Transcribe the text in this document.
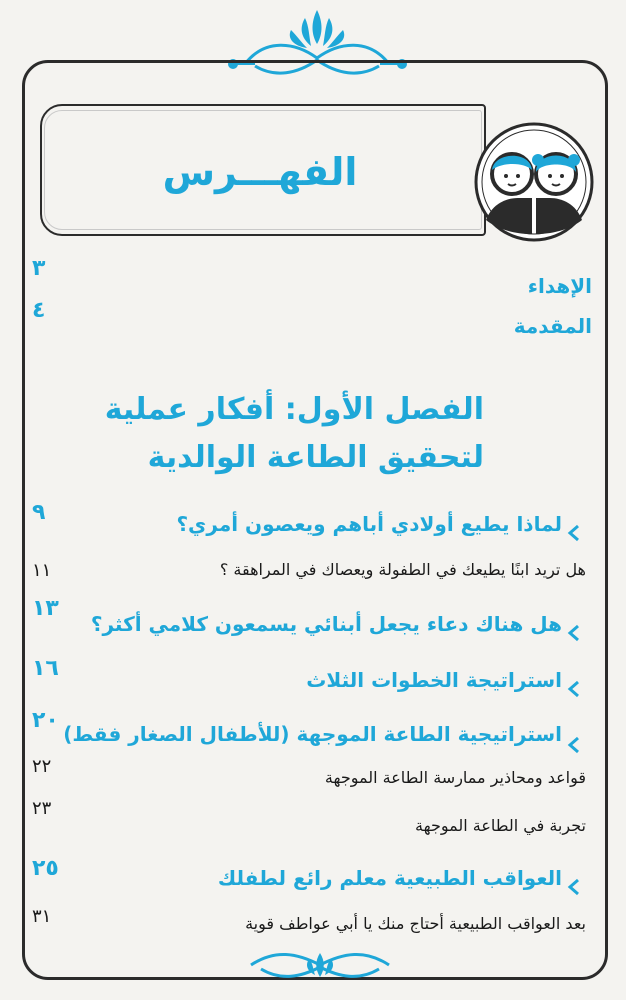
الفهـــرس
الإهداء
٣
المقدمة
٤
الفصل الأول: أفكار عملية
لتحقيق الطاعة الوالدية
لماذا يطيع أولادي أباهم ويعصون أمري؟
٩
هل تريد ابنًا يطيعك في الطفولة ويعصاك في المراهقة ؟
١١
هل هناك دعاء يجعل أبنائي يسمعون كلامي أكثر؟
١٣
استراتيجة الخطوات الثلاث
١٦
استراتيجية الطاعة الموجهة (للأطفال الصغار فقط)
٢٠
قواعد ومحاذير ممارسة الطاعة الموجهة
٢٢
تجربة في الطاعة الموجهة
٢٣
العواقب الطبيعية معلم رائع لطفلك
٢٥
بعد العواقب الطبيعية أحتاج منك يا أبي عواطف قوية
٣١
